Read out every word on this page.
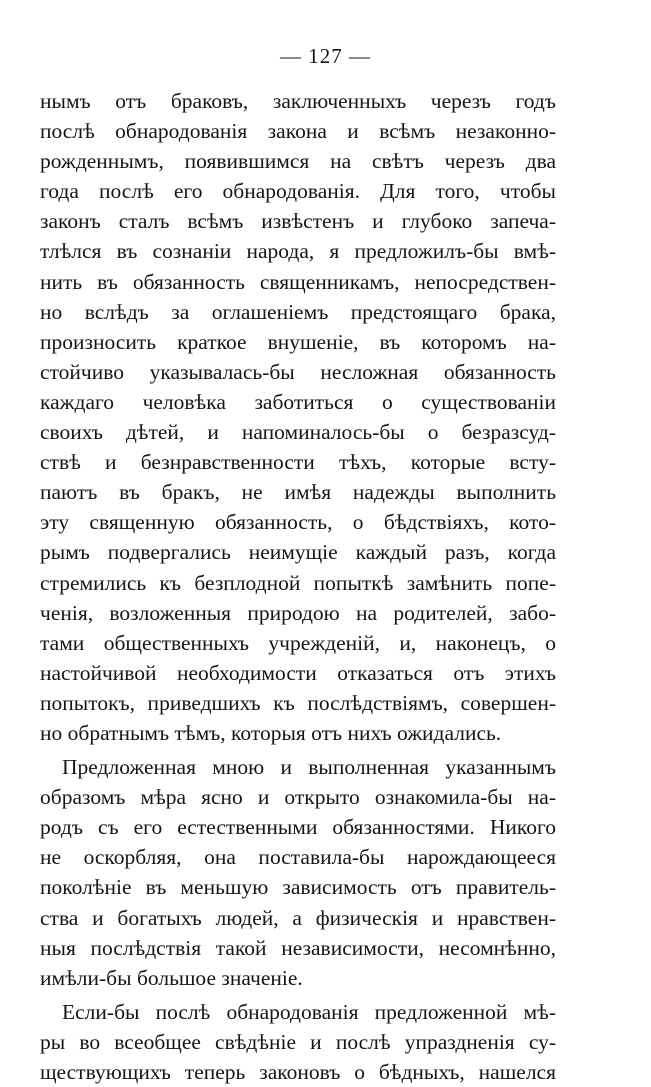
— 127 —
нымъ отъ браковъ, заключенныхъ черезъ годъ
послѣ обнародованія закона и всѣмъ незаконно-
рожденнымъ, появившимся на свѣтъ черезъ два
года послѣ его обнародованія. Для того, чтобы
законъ сталъ всѣмъ извѣстенъ и глубоко запеча-
тлѣлся въ сознаніи народа, я предложилъ-бы вмѣ-
нить въ обязанность священникамъ, непосредствен-
но вслѣдъ за оглашеніемъ предстоящаго брака,
произносить краткое внушеніе, въ которомъ на-
стойчиво указывалась-бы несложная обязанность
каждаго человѣка заботиться о существованіи
своихъ дѣтей, и напоминалось-бы о безразсуд-
ствѣ и безнравственности тѣхъ, которые всту-
паютъ въ бракъ, не имѣя надежды выполнить
эту священную обязанность, о бѣдствіяхъ, кото-
рымъ подвергались неимущіе каждый разъ, когда
стремились къ безплодной попыткѣ замѣнить попе-
ченія, возложенныя природою на родителей, забо-
тами общественныхъ учрежденій, и, наконецъ, о
настойчивой необходимости отказаться отъ этихъ
попытокъ, приведшихъ къ послѣдствіямъ, совершен-
но обратнымъ тѣмъ, которыя отъ нихъ ожидались.
Предложенная мною и выполненная указаннымъ
образомъ мѣра ясно и открыто ознакомила-бы на-
родъ съ его естественными обязанностями. Никого
не оскорбляя, она поставила-бы нарождающееся
поколѣніе въ меньшую зависимость отъ правитель-
ства и богатыхъ людей, а физическія и нравствен-
ныя послѣдствія такой независимости, несомнѣнно,
имѣли-бы большое значеніе.
Если-бы послѣ обнародованія предложенной мѣ-
ры во всеобщее свѣдѣніе и послѣ упраздненія су-
ществующихъ теперь законовъ о бѣдныхъ, нашелся
